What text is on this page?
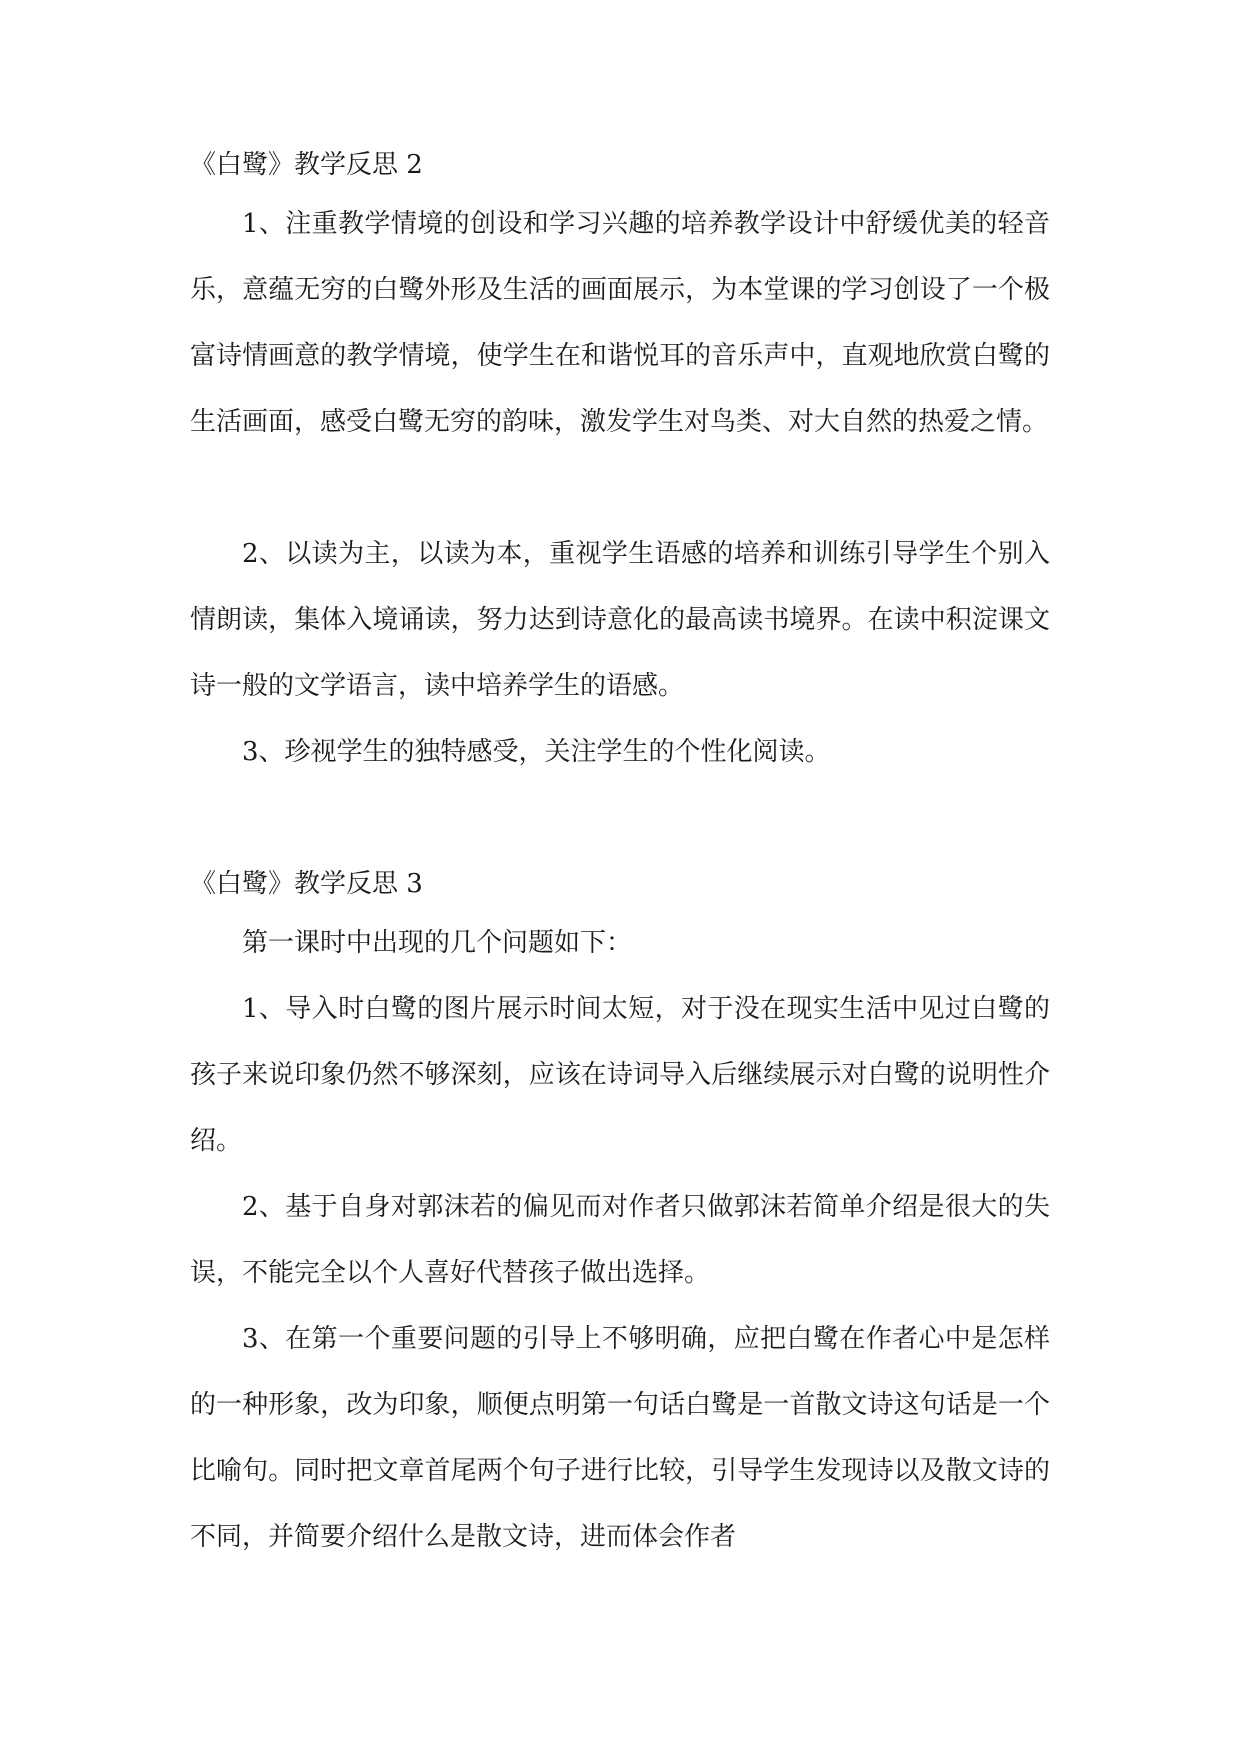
《白鹭》教学反思 2

1、注重教学情境的创设和学习兴趣的培养教学设计中舒缓优美的轻音乐，意蕴无穷的白鹭外形及生活的画面展示，为本堂课的学习创设了一个极富诗情画意的教学情境，使学生在和谐悦耳的音乐声中，直观地欣赏白鹭的生活画面，感受白鹭无穷的韵味，激发学生对鸟类、对大自然的热爱之情。

2、以读为主，以读为本，重视学生语感的培养和训练引导学生个别入情朗读，集体入境诵读，努力达到诗意化的最高读书境界。在读中积淀课文诗一般的文学语言，读中培养学生的语感。

3、珍视学生的独特感受，关注学生的个性化阅读。

《白鹭》教学反思 3

第一课时中出现的几个问题如下：

1、导入时白鹭的图片展示时间太短，对于没在现实生活中见过白鹭的孩子来说印象仍然不够深刻，应该在诗词导入后继续展示对白鹭的说明性介绍。

2、基于自身对郭沫若的偏见而对作者只做郭沫若简单介绍是很大的失误，不能完全以个人喜好代替孩子做出选择。

3、在第一个重要问题的引导上不够明确，应把白鹭在作者心中是怎样的一种形象，改为印象，顺便点明第一句话白鹭是一首散文诗这句话是一个比喻句。同时把文章首尾两个句子进行比较，引导学生发现诗以及散文诗的不同，并简要介绍什么是散文诗，进而体会作者
